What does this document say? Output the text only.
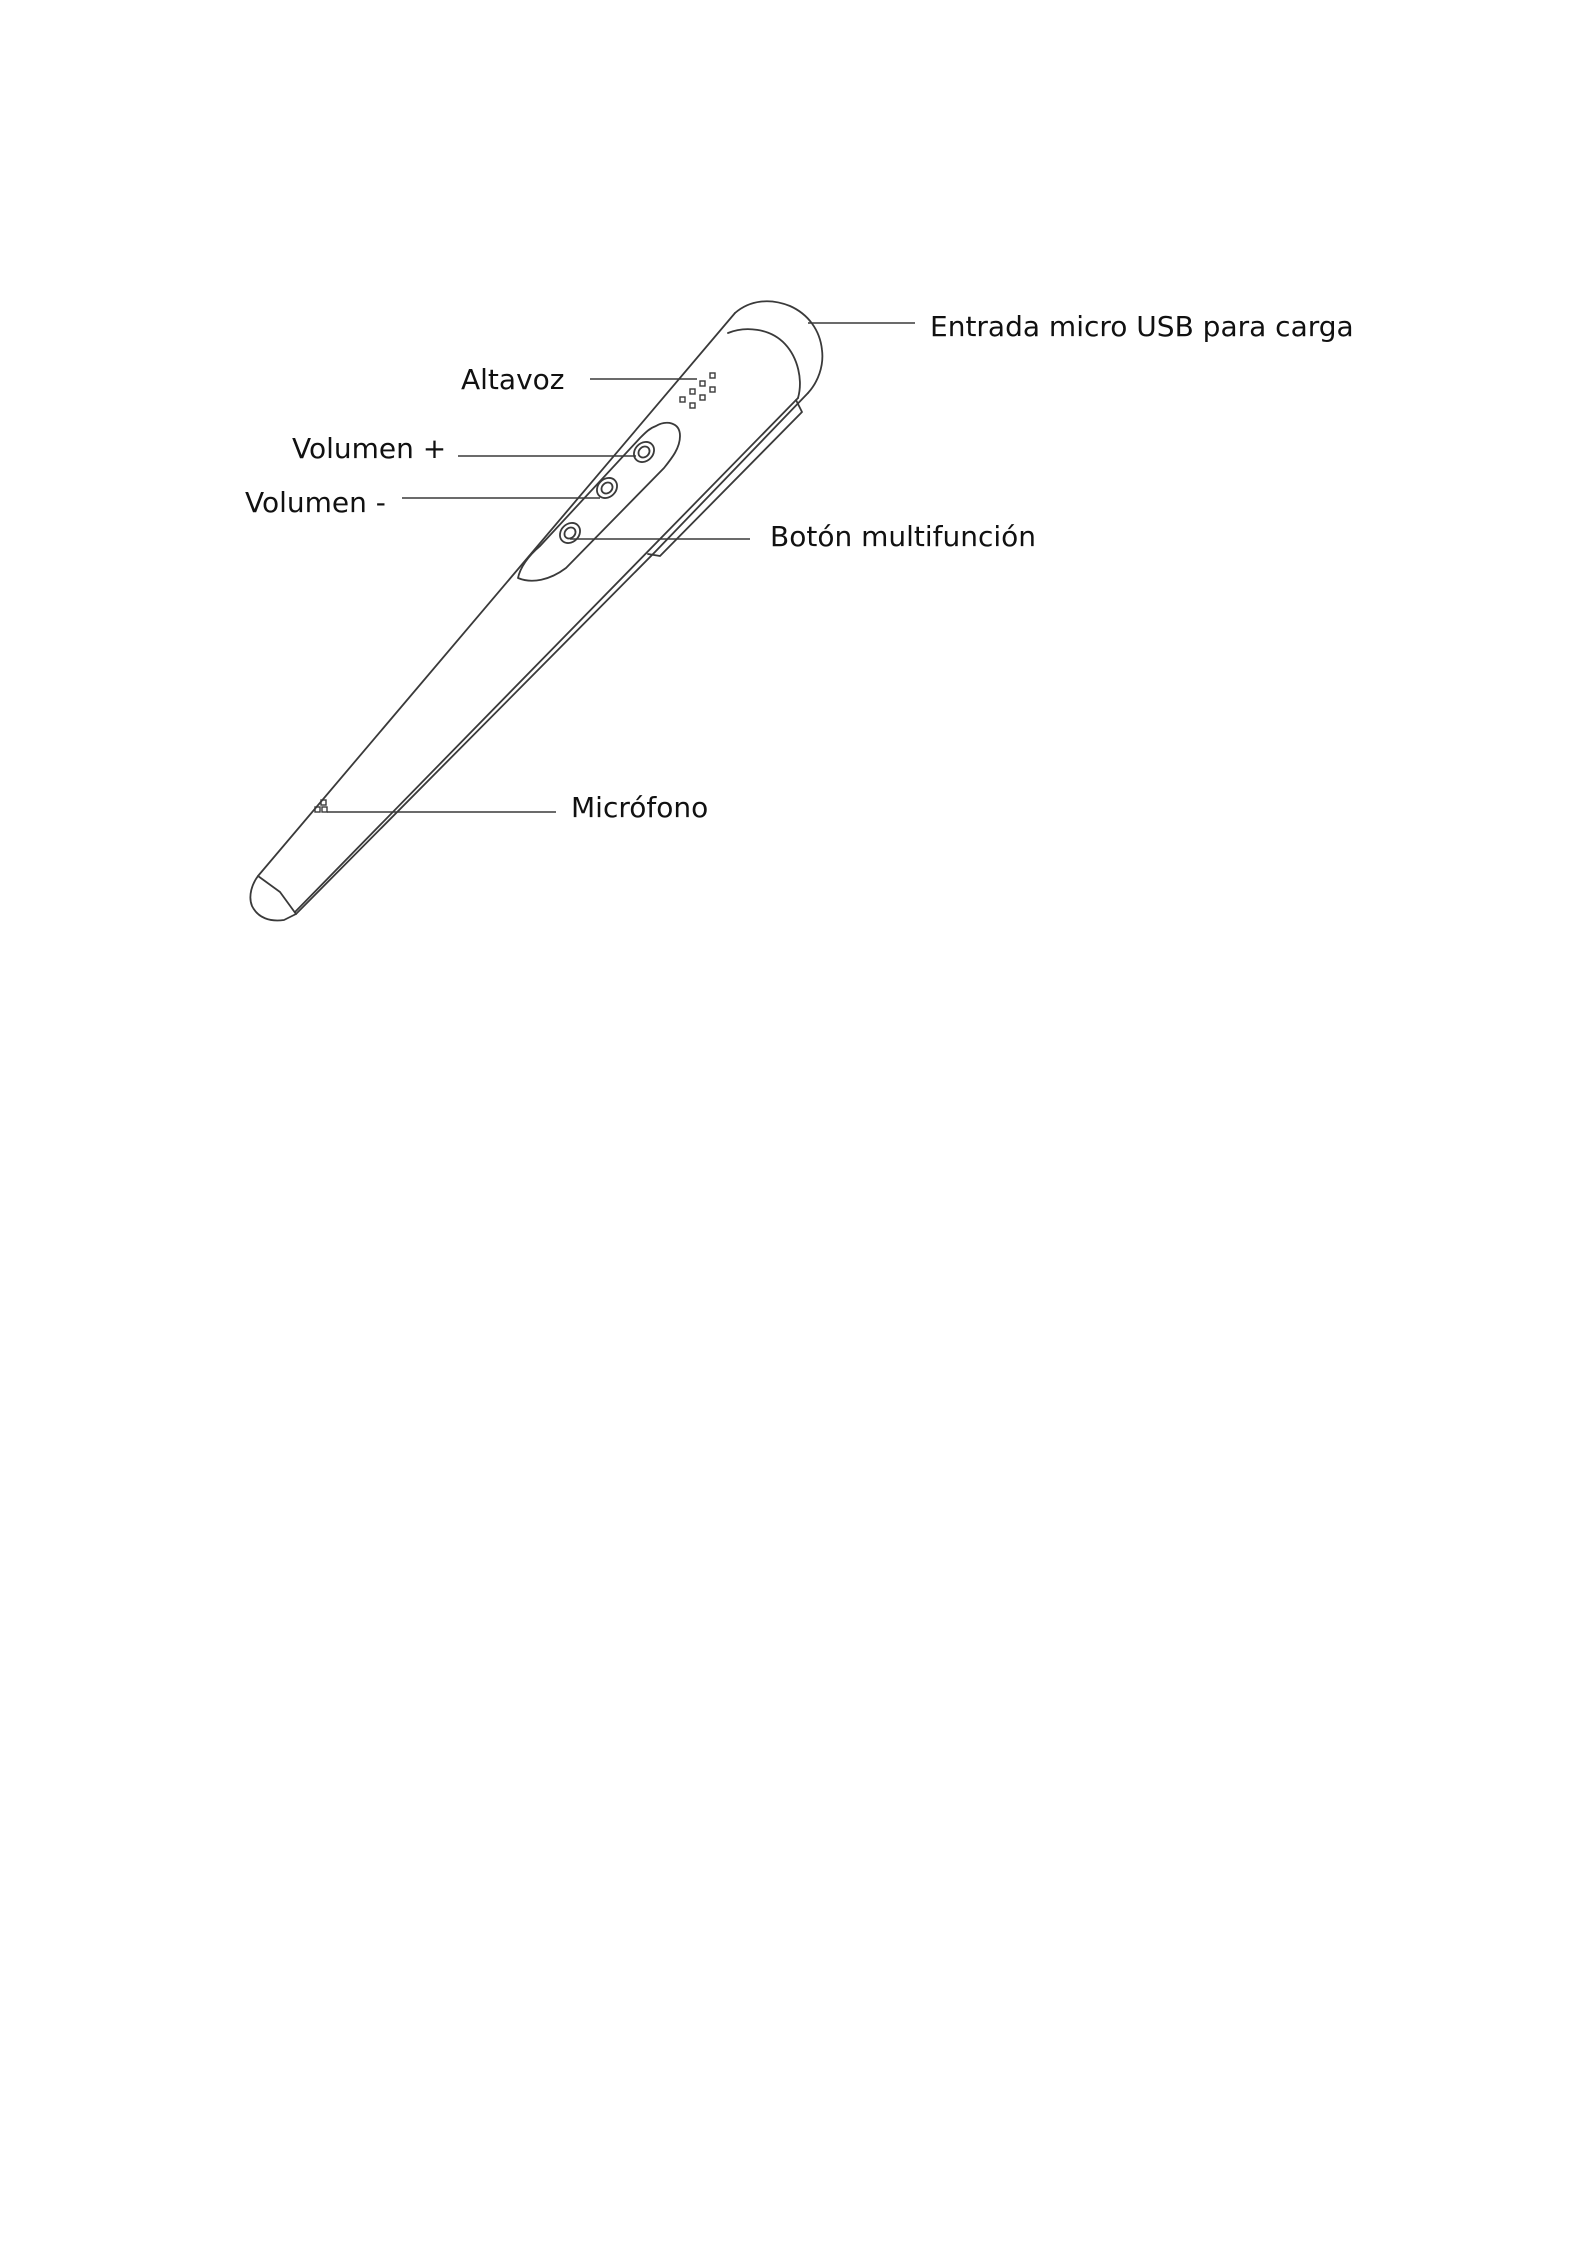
Entrada micro USB para carga
Altavoz
Volumen +
Volumen -
Botón multifunción
Micrófono
